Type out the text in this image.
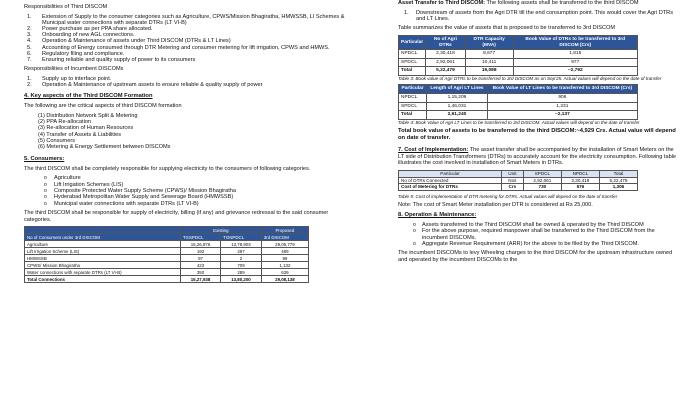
Responsibilities of Third DISCOM

1. Extension of Supply to the consumer categories such as Agriculture, CPWS/Mission Bhagiratha, HMWSSB, LI Schemes & Municipal water connections with separate DTRs (LT VI-B)
2. Power purchase as per PPA share allocated.
3. Onboarding of new AGL connections.
4. Operation & Maintenance of assets under Third DISCOM (DTRs & LT Lines)
5. Accounting of Energy consumed through DTR Metering and consumer metering for lift irrigation, CPWS and HMWS.
6. Regulatory filing and compliance.
7. Ensuring reliable and quality supply of power to its consumers

Responsibilities of Incumbent DISCOMs

1. Supply up to interface point.
2. Operation & Maintenance of upstream assets to ensure reliable & quality supply of power

4. Key aspects of the Third DISCOM Formation

The following are the critical aspects of third DISCOM formation

(1) Distribution Network Split & Metering
(2) PPA Re-allocation
(3) Re-allocation of Human Resources
(4) Transfer of Assets & Liabilities
(5) Consumers
(6) Metering & Energy Settlement between DISCOMs

5. Consumers:

The third DISCOM shall be completely responsible for supplying electricity to the consumers of following categories.

o Agriculture
o Lift Irrigation Schemes (LIS)
o Composite Protected Water Supply Scheme (CPWS)/ Mission Bhagiratha
o Hyderabad Metropolitan Water Supply and Sewerage Board (HMWSSB)
o Municipal water connections with separate DTRs (LT VI-B)

The third DISCOM shall be responsible for supply of electricity, billing (if any) and grievance redressal to the said consumer categories.

	Existing		Proposed
No of Consumers under 3rd DISCOM	TGSPDCL	TGNPDCL	3rd DISCOM
Agriculture	15,26,876	13,78,903	29,05,779
Lift Irrigation Scheme (LIS)	192	297	489
HMWSSB	97	2	99
CPWS/ Mission Bhagiratha	423	709	1,132
Water connections with separate DTRs (LT VI-B)	350	289	639
Total Connections	15,27,938	13,80,200	29,08,138

Asset Transfer to Third DISCOM: The following assets shall be transferred to the third DISCOM

1. Downstream of assets from the Agri DTR till the end consumption point. This would cover the Agri DTRs and LT Lines.

Table summarizes the value of assets that is proposed to be transferred to 3rd DISCOM

Particular	No of Agri DTRs	DTR Capacity (MVA)	Book Value of DTRs to be transferred to 3rd DISCOM (Crs)
NPDCL	2,30,418	8,677	1,815
SPDCL	2,92,061	10,411	977
Total	5,22,479	19,088	~2,792

Table 3: Book value of Agri DTRs to be transferred to 3rd DISCOM as on Sep'25. Actual values will depend on the date of transfer

Particular	Length of Agri LT Lines	Book Value of LT Lines to be transferred to 3rd DISCOM (Crs)
NPDCL	1,15,209	906
SPDCL	1,46,031	1,231
Total	2,61,240	~2,137

Table 4: Book Value of Agri LT Lines to be transferred to 3rd DISCOM. Actual values will depend on the date of transfer

Total book value of assets to be transferred to the third DISCOM:~4,929 Crs. Actual value will depend on date of transfer.

7. Cost of Implementation: The asset transfer shall be accompanied by the installation of Smart Meters on the LT side of Distribution Transformers (DTRs) to accurately account for the electricity consumption. Following table illustrates the cost involved in installation of Smart Meters in DTRs.

Particular	Unit	SPDCL	NPDCL	Total
No of DTRs Connected	Nos	2,92,061	2,30,418	5,22,479
Cost of Metering for DTRs	Crs	730	576	1,306

Table 5: Cost of implementation of DTR metering for DTRs. Actual values will depend on the date of transfer

Note: The cost of Smart Meter installation per DTR is considered at Rs 25,000.

8. Operation & Maintenance:

o Assets transferred to the Third DISCOM shall be owned & operated by the Third DISCOM
o For the above purpose, required manpower shall be transferred to the Third DISCOM from the incumbent DISCOMs.
o Aggregate Revenue Requirement (ARR) for the above to be filed by the Third DISCOM.

The incumbent DISCOMs to levy Wheeling charges to the third DISCOM for the upstream infrastructure owned and operated by the incumbent DISCOMs to the
